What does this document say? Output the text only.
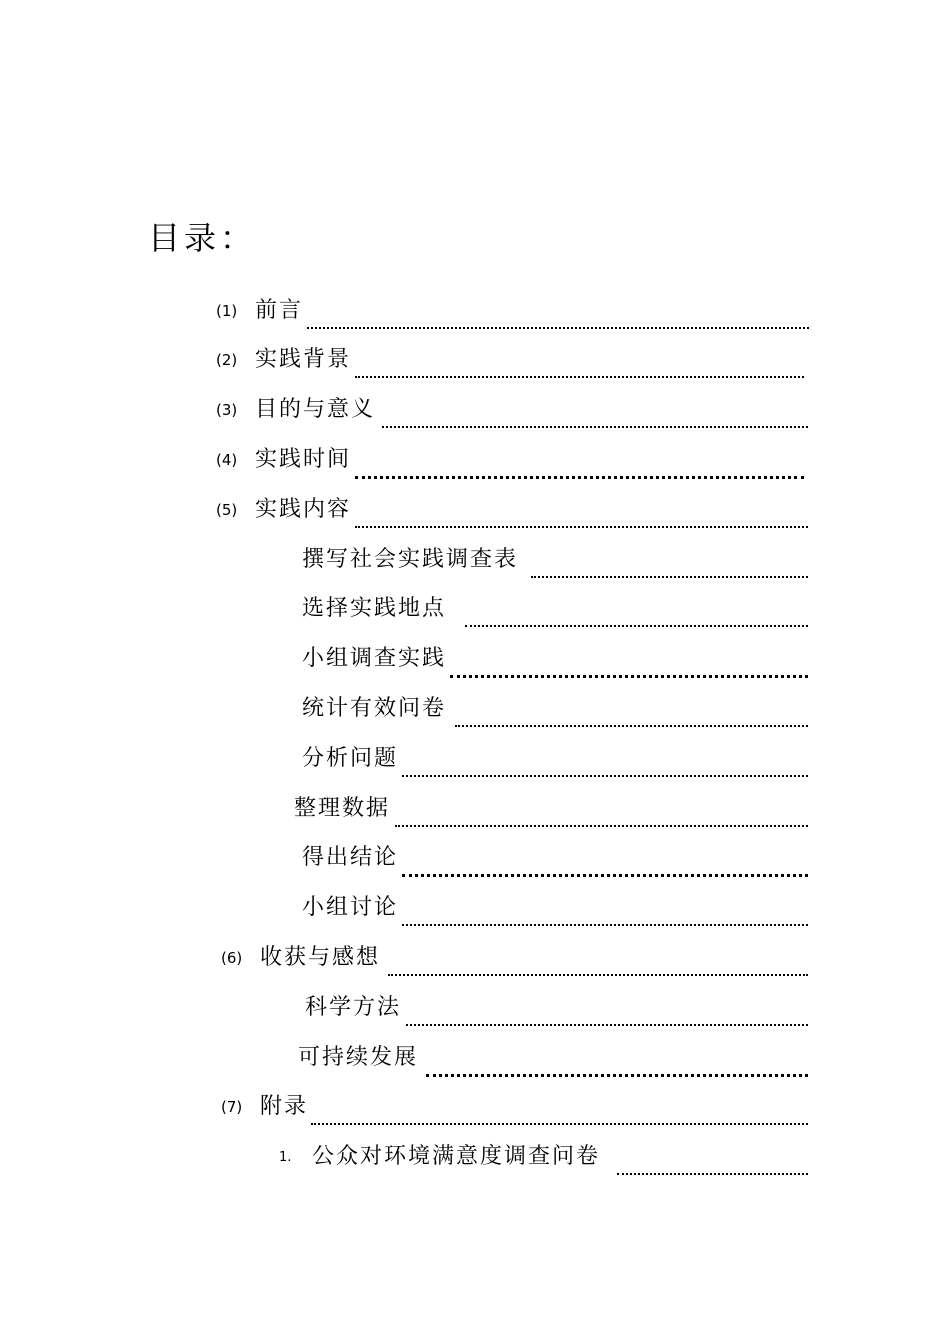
目录：
(1) 前言
(2) 实践背景
(3) 目的与意义
(4) 实践时间
(5) 实践内容
撰写社会实践调查表
选择实践地点
小组调查实践
统计有效问卷
分析问题
整理数据
得出结论
小组讨论
(6) 收获与感想
科学方法
可持续发展
(7) 附录
1. 公众对环境满意度调查问卷
